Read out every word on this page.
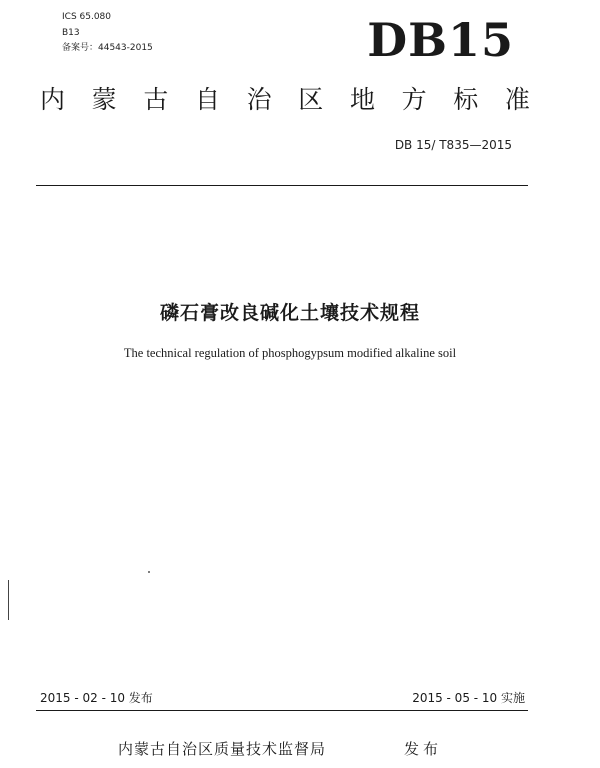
ICS 65.080
B13
备案号：44543-2015	DB15
内 蒙 古 自 治 区 地 方 标 准
DB 15/ T835—2015
磷石膏改良碱化土壤技术规程
The technical regulation of phosphogypsum modified alkaline soil
2015 - 02 - 10 发布	2015 - 05 - 10 实施
内蒙古自治区质量技术监督局	发布
